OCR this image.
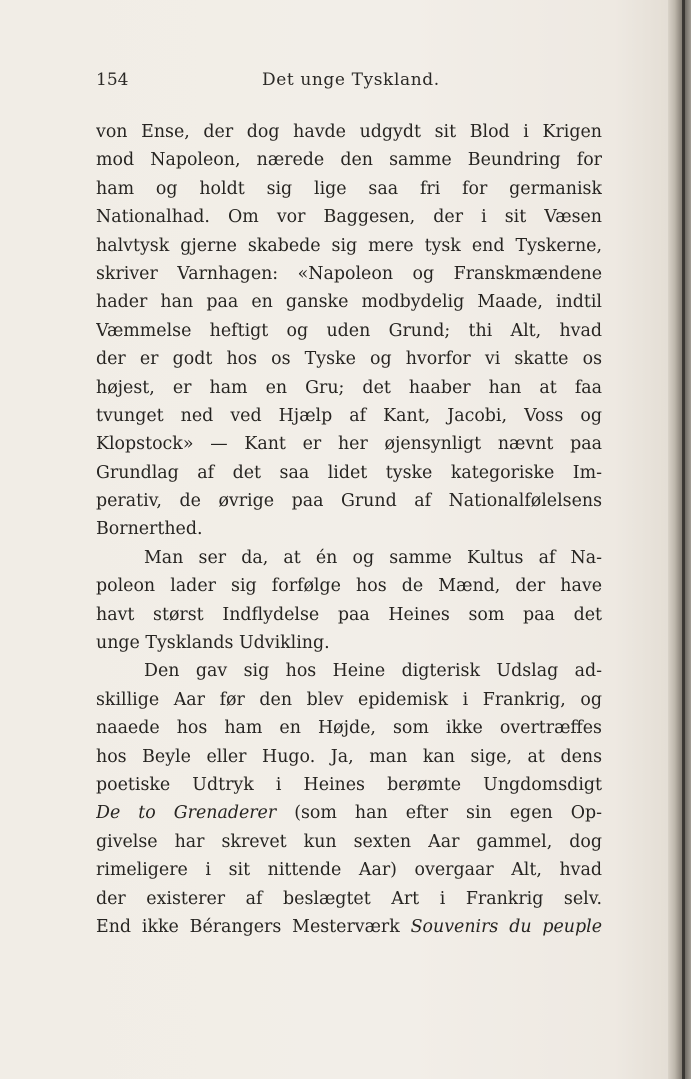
154	Det unge Tyskland.
von Ense, der dog havde udgydt sit Blod i Krigen
mod Napoleon, nærede den samme Beundring for
ham og holdt sig lige saa fri for germanisk
Nationalhad. Om vor Baggesen, der i sit Væsen
halvtysk gjerne skabede sig mere tysk end Tyskerne,
skriver Varnhagen: «Napoleon og Franskmændene
hader han paa en ganske modbydelig Maade, indtil
Væmmelse heftigt og uden Grund; thi Alt, hvad
der er godt hos os Tyske og hvorfor vi skatte os
højest, er ham en Gru; det haaber han at faa
tvunget ned ved Hjælp af Kant, Jacobi, Voss og
Klopstock» — Kant er her øjensynligt nævnt paa
Grundlag af det saa lidet tyske kategoriske Im-
perativ, de øvrige paa Grund af Nationalfølelsens
Bornerthed.
Man ser da, at én og samme Kultus af Na-
poleon lader sig forfølge hos de Mænd, der have
havt størst Indflydelse paa Heines som paa det
unge Tysklands Udvikling.
Den gav sig hos Heine digterisk Udslag ad-
skillige Aar før den blev epidemisk i Frankrig, og
naaede hos ham en Højde, som ikke overtræffes
hos Beyle eller Hugo. Ja, man kan sige, at dens
poetiske Udtryk i Heines berømte Ungdomsdigt
De to Grenaderer (som han efter sin egen Op-
givelse har skrevet kun sexten Aar gammel, dog
rimeligere i sit nittende Aar) overgaar Alt, hvad
der existerer af beslægtet Art i Frankrig selv.
End ikke Bérangers Mesterværk Souvenirs du peuple
